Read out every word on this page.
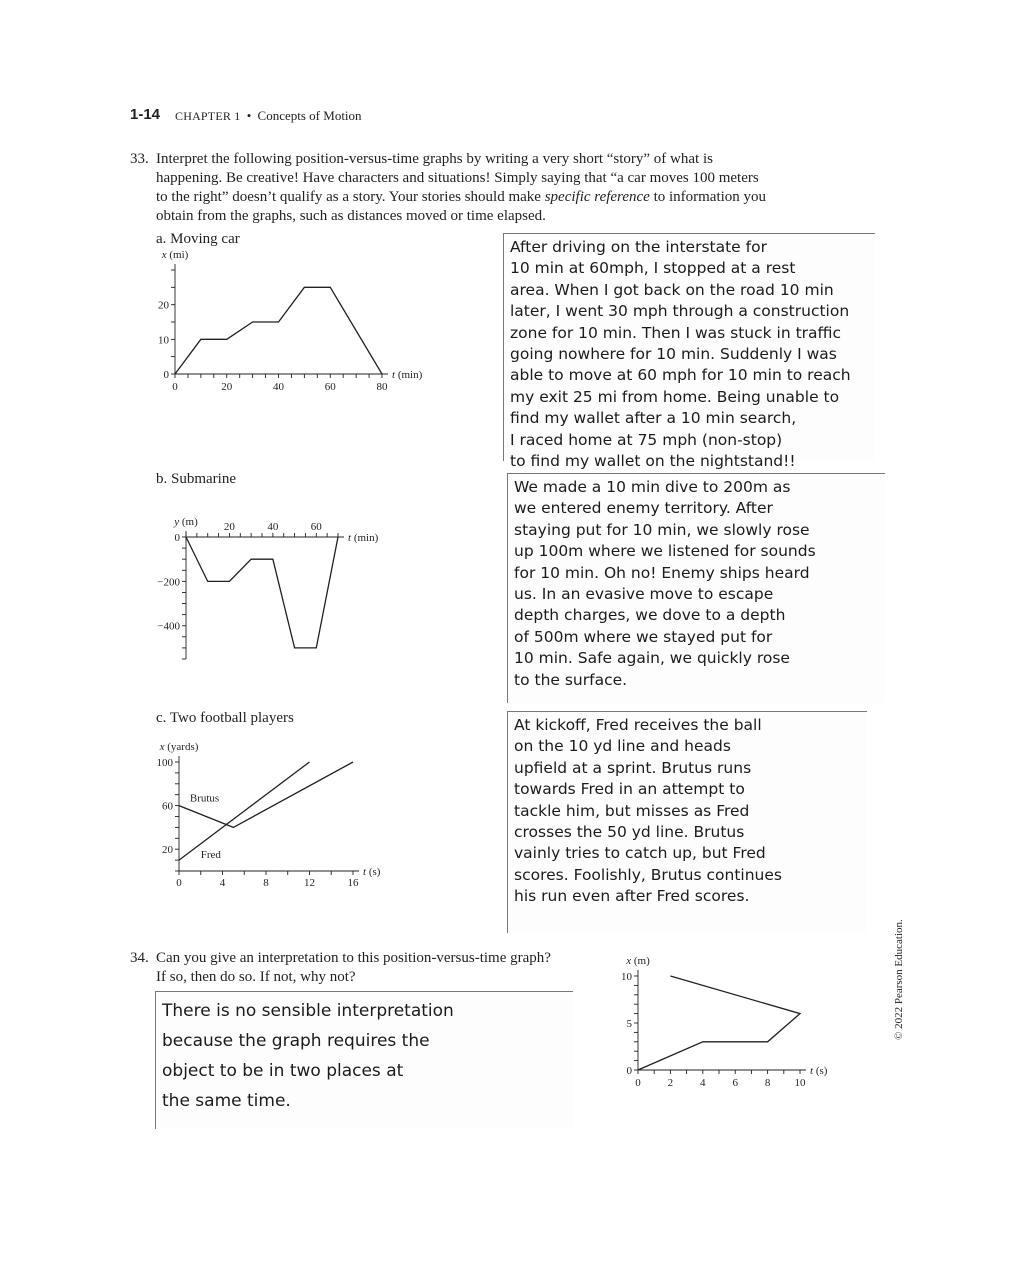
1-14 CHAPTER 1 • Concepts of Motion
33. Interpret the following position-versus-time graphs by writing a very short “story” of what is
happening. Be creative! Have characters and situations! Simply saying that “a car moves 100 meters
to the right” doesn’t qualify as a story. Your stories should make specific reference to information you
obtain from the graphs, such as distances moved or time elapsed.
a. Moving car
0	20	40	60	80
0
10
20
x (mi)
t (min)
After driving on the interstate for
10 min at 60mph, I stopped at a rest
area. When I got back on the road 10 min
later, I went 30 mph through a construction
zone for 10 min. Then I was stuck in traffic
going nowhere for 10 min. Suddenly I was
able to move at 60 mph for 10 min to reach
my exit 25 mi from home. Being unable to
find my wallet after a 10 min search,
I raced home at 75 mph (non-stop)
to find my wallet on the nightstand!!
b. Submarine
20	40	60
0
−200
−400
y (m)
t (min)
We made a 10 min dive to 200m as
we entered enemy territory. After
staying put for 10 min, we slowly rose
up 100m where we listened for sounds
for 10 min. Oh no! Enemy ships heard
us. In an evasive move to escape
depth charges, we dove to a depth
of 500m where we stayed put for
10 min. Safe again, we quickly rose
to the surface.
c. Two football players
0	4	8	12	16
20
60
100
x (yards)
t (s)
Brutus
Fred
At kickoff, Fred receives the ball
on the 10 yd line and heads
upfield at a sprint. Brutus runs
towards Fred in an attempt to
tackle him, but misses as Fred
crosses the 50 yd line. Brutus
vainly tries to catch up, but Fred
scores. Foolishly, Brutus continues
his run even after Fred scores.
34. Can you give an interpretation to this position-versus-time graph?
If so, then do so. If not, why not?
0 2 4 6 8 10
0
5
10
x (m)
t (s)
There is no sensible interpretation
because the graph requires the
object to be in two places at
the same time.
© 2022 Pearson Education.
